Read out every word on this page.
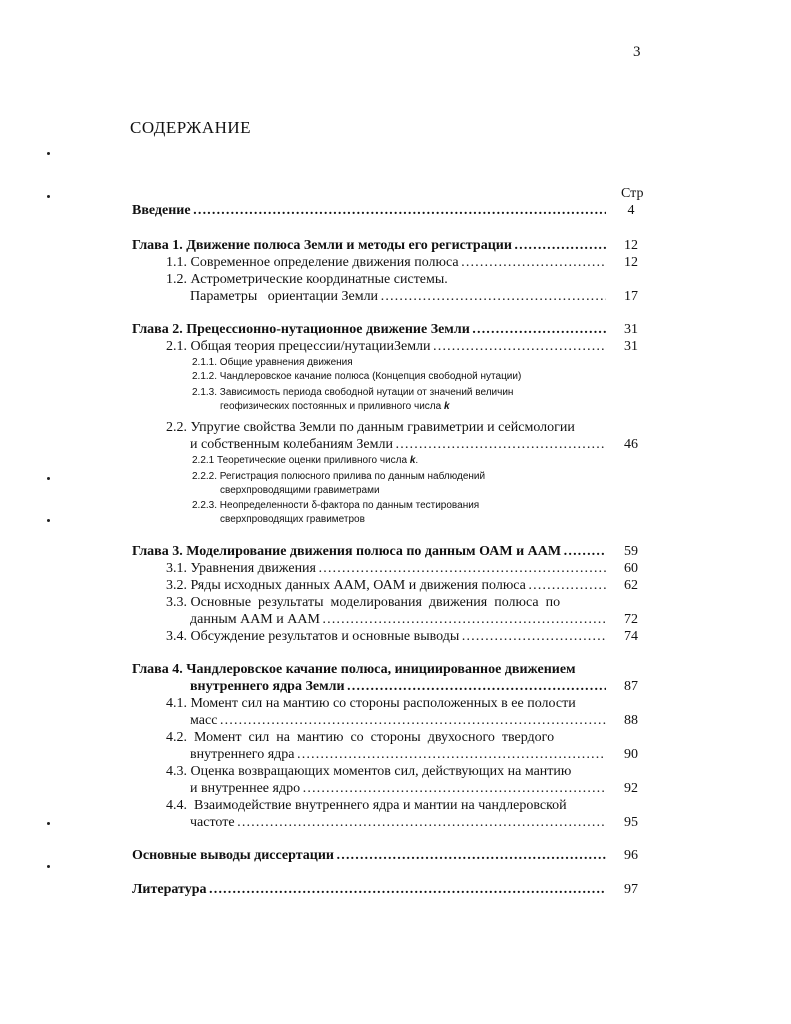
3
СОДЕРЖАНИЕ
Стр
Введение …………………………………………………………………………………………………………………………………	4
Глава 1. Движение полюса Земли и методы его регистрации …………………………………………………………………………………………………………………………………	12
1.1. Современное определение движения полюса …………………………………………………………………………………………………………………………………	12
1.2. Астрометрические координатные системы.
Параметры   ориентации Земли …………………………………………………………………………………………………………………………………	17
Глава 2. Прецессионно-нутационное движение Земли …………………………………………………………………………………………………………………………………	31
2.1. Общая теория прецессии/нутацииЗемли …………………………………………………………………………………………………………………………………	31
2.1.1. Общие уравнения движения
2.1.2. Чандлеровское качание полюса (Концепция свободной нутации)
2.1.3. Зависимость периода свободной нутации от значений величин
геофизических постоянных и приливного числа k
2.2. Упругие свойства Земли по данным гравиметрии и сейсмологии
и собственным колебаниям Земли …………………………………………………………………………………………………………………………………	46
2.2.1 Теоретические оценки приливного числа k.
2.2.2. Регистрация полюсного прилива по данным наблюдений
сверхпроводящими гравиметрами
2.2.3. Неопределенности δ-фактора по данным тестирования
сверхпроводящих гравиметров
Глава 3. Моделирование движения полюса по данным ОАМ и ААМ …………………………………………………………………………………………………………………………………	59
3.1. Уравнения движения …………………………………………………………………………………………………………………………………	60
3.2. Ряды исходных данных ААМ, ОАМ и движения полюса …………………………………………………………………………………………………………………………………	62
3.3. Основные  результаты  моделирования  движения  полюса  по
данным ААМ и ААМ …………………………………………………………………………………………………………………………………	72
3.4. Обсуждение результатов и основные выводы …………………………………………………………………………………………………………………………………	74
Глава 4. Чандлеровское качание полюса, инициированное движением
внутреннего ядра Земли …………………………………………………………………………………………………………………………………	87
4.1. Момент сил на мантию со стороны расположенных в ее полости
масс …………………………………………………………………………………………………………………………………	88
4.2.  Момент  сил  на  мантию  со  стороны  двухосного  твердого
внутреннего ядра …………………………………………………………………………………………………………………………………	90
4.3. Оценка возвращающих моментов сил, действующих на мантию
и внутреннее ядро …………………………………………………………………………………………………………………………………	92
4.4.  Взаимодействие внутреннего ядра и мантии на чандлеровской
частоте …………………………………………………………………………………………………………………………………	95
Основные выводы диссертации …………………………………………………………………………………………………………………………………	96
Литература …………………………………………………………………………………………………………………………………	97
